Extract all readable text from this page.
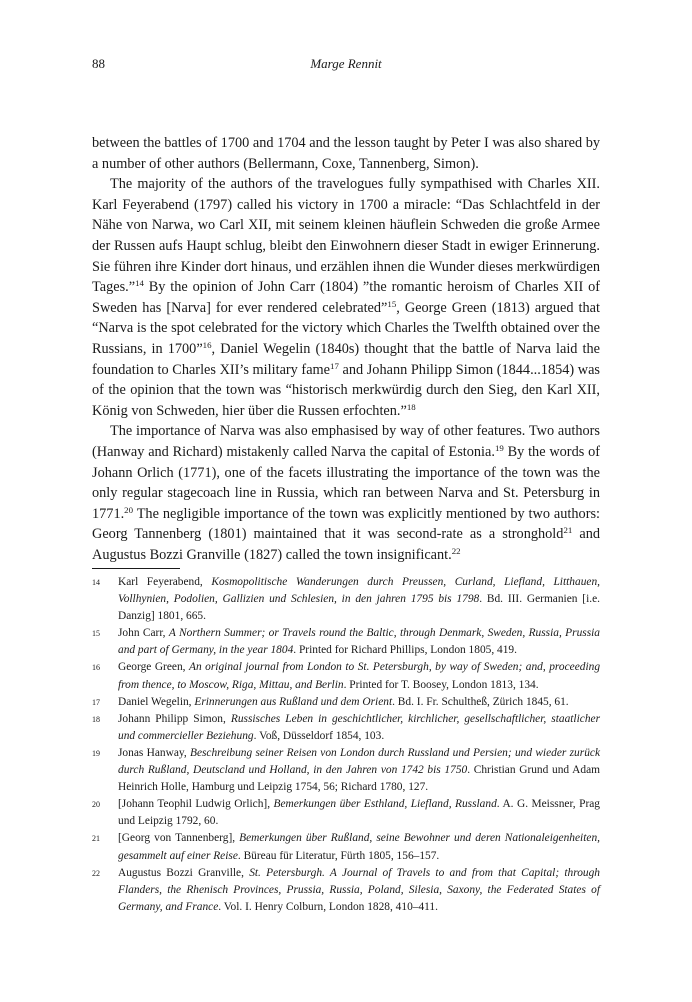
88	Marge Rennit

between the battles of 1700 and 1704 and the lesson taught by Peter I was also shared by a number of other authors (Bellermann, Coxe, Tannenberg, Simon).

The majority of the authors of the travelogues fully sympathised with Charles XII. Karl Feyerabend (1797) called his victory in 1700 a miracle: “Das Schlachtfeld in der Nähe von Narwa, wo Carl XII, mit seinem kleinen häuflein Schweden die große Armee der Russen aufs Haupt schlug, bleibt den Einwohnern dieser Stadt in ewiger Erinnerung. Sie führen ihre Kinder dort hinaus, und erzählen ihnen die Wunder dieses merkwürdigen Tages.”$^{14}$ By the opinion of John Carr (1804) ”the romantic heroism of Charles XII of Sweden has [Narva] for ever rendered celebrated”$^{15}$, George Green (1813) argued that “Narva is the spot celebrated for the victory which Charles the Twelfth obtained over the Russians, in 1700”$^{16}$, Daniel Wegelin (1840s) thought that the battle of Narva laid the foundation to Charles XII’s military fame$^{17}$ and Johann Philipp Simon (1844...1854) was of the opinion that the town was “historisch merkwürdig durch den Sieg, den Karl XII, König von Schweden, hier über die Russen erfochten.”$^{18}$

The importance of Narva was also emphasised by way of other features. Two authors (Hanway and Richard) mistakenly called Narva the capital of Estonia.$^{19}$ By the words of Johann Orlich (1771), one of the facets illustrating the importance of the town was the only regular stagecoach line in Russia, which ran between Narva and St. Petersburg in 1771.20 The negligible importance of the town was explicitly mentioned by two authors: Georg Tannenberg (1801) maintained that it was second-rate as a stronghold$^{21}$ and Augustus Bozzi Granville (1827) called the town insignificant.$^{22}$

14 Karl Feyerabend, Kosmopolitische Wanderungen durch Preussen, Curland, Liefland, Litthauen, Vollhynien, Podolien, Gallizien und Schlesien, in den jahren 1795 bis 1798. Bd. III. Germanien [i.e. Danzig] 1801, 665.

15 John Carr, A Northern Summer; or Travels round the Baltic, through Denmark, Sweden, Russia, Prussia and part of Germany, in the year 1804. Printed for Richard Phillips, London 1805, 419.

16 George Green, An original journal from London to St. Petersburgh, by way of Sweden; and, proceeding from thence, to Moscow, Riga, Mittau, and Berlin. Printed for T. Boosey, London 1813, 134.

17 Daniel Wegelin, Erinnerungen aus Rußland und dem Orient. Bd. I. Fr. Schultheß, Zürich 1845, 61.

18 Johann Philipp Simon, Russisches Leben in geschichtlicher, kirchlicher, gesellschaftlicher, staatlicher und commercieller Beziehung. Voß, Düsseldorf 1854, 103.

19 Jonas Hanway, Beschreibung seiner Reisen von London durch Russland und Persien; und wieder zurück durch Rußland, Deutscland und Holland, in den Jahren von 1742 bis 1750. Christian Grund und Adam Heinrich Holle, Hamburg und Leipzig 1754, 56; Richard 1780, 127.

20 [Johann Teophil Ludwig Orlich], Bemerkungen über Esthland, Liefland, Russland. A. G. Meissner, Prag und Leipzig 1792, 60.

21 [Georg von Tannenberg], Bemerkungen über Rußland, seine Bewohner und deren Nationaleigenheiten, gesammelt auf einer Reise. Büreau für Literatur, Fürth 1805, 156–157.

22 Augustus Bozzi Granville, St. Petersburgh. A Journal of Travels to and from that Capital; through Flanders, the Rhenisch Provinces, Prussia, Russia, Poland, Silesia, Saxony, the Federated States of Germany, and France. Vol. I. Henry Colburn, London 1828, 410–411.
